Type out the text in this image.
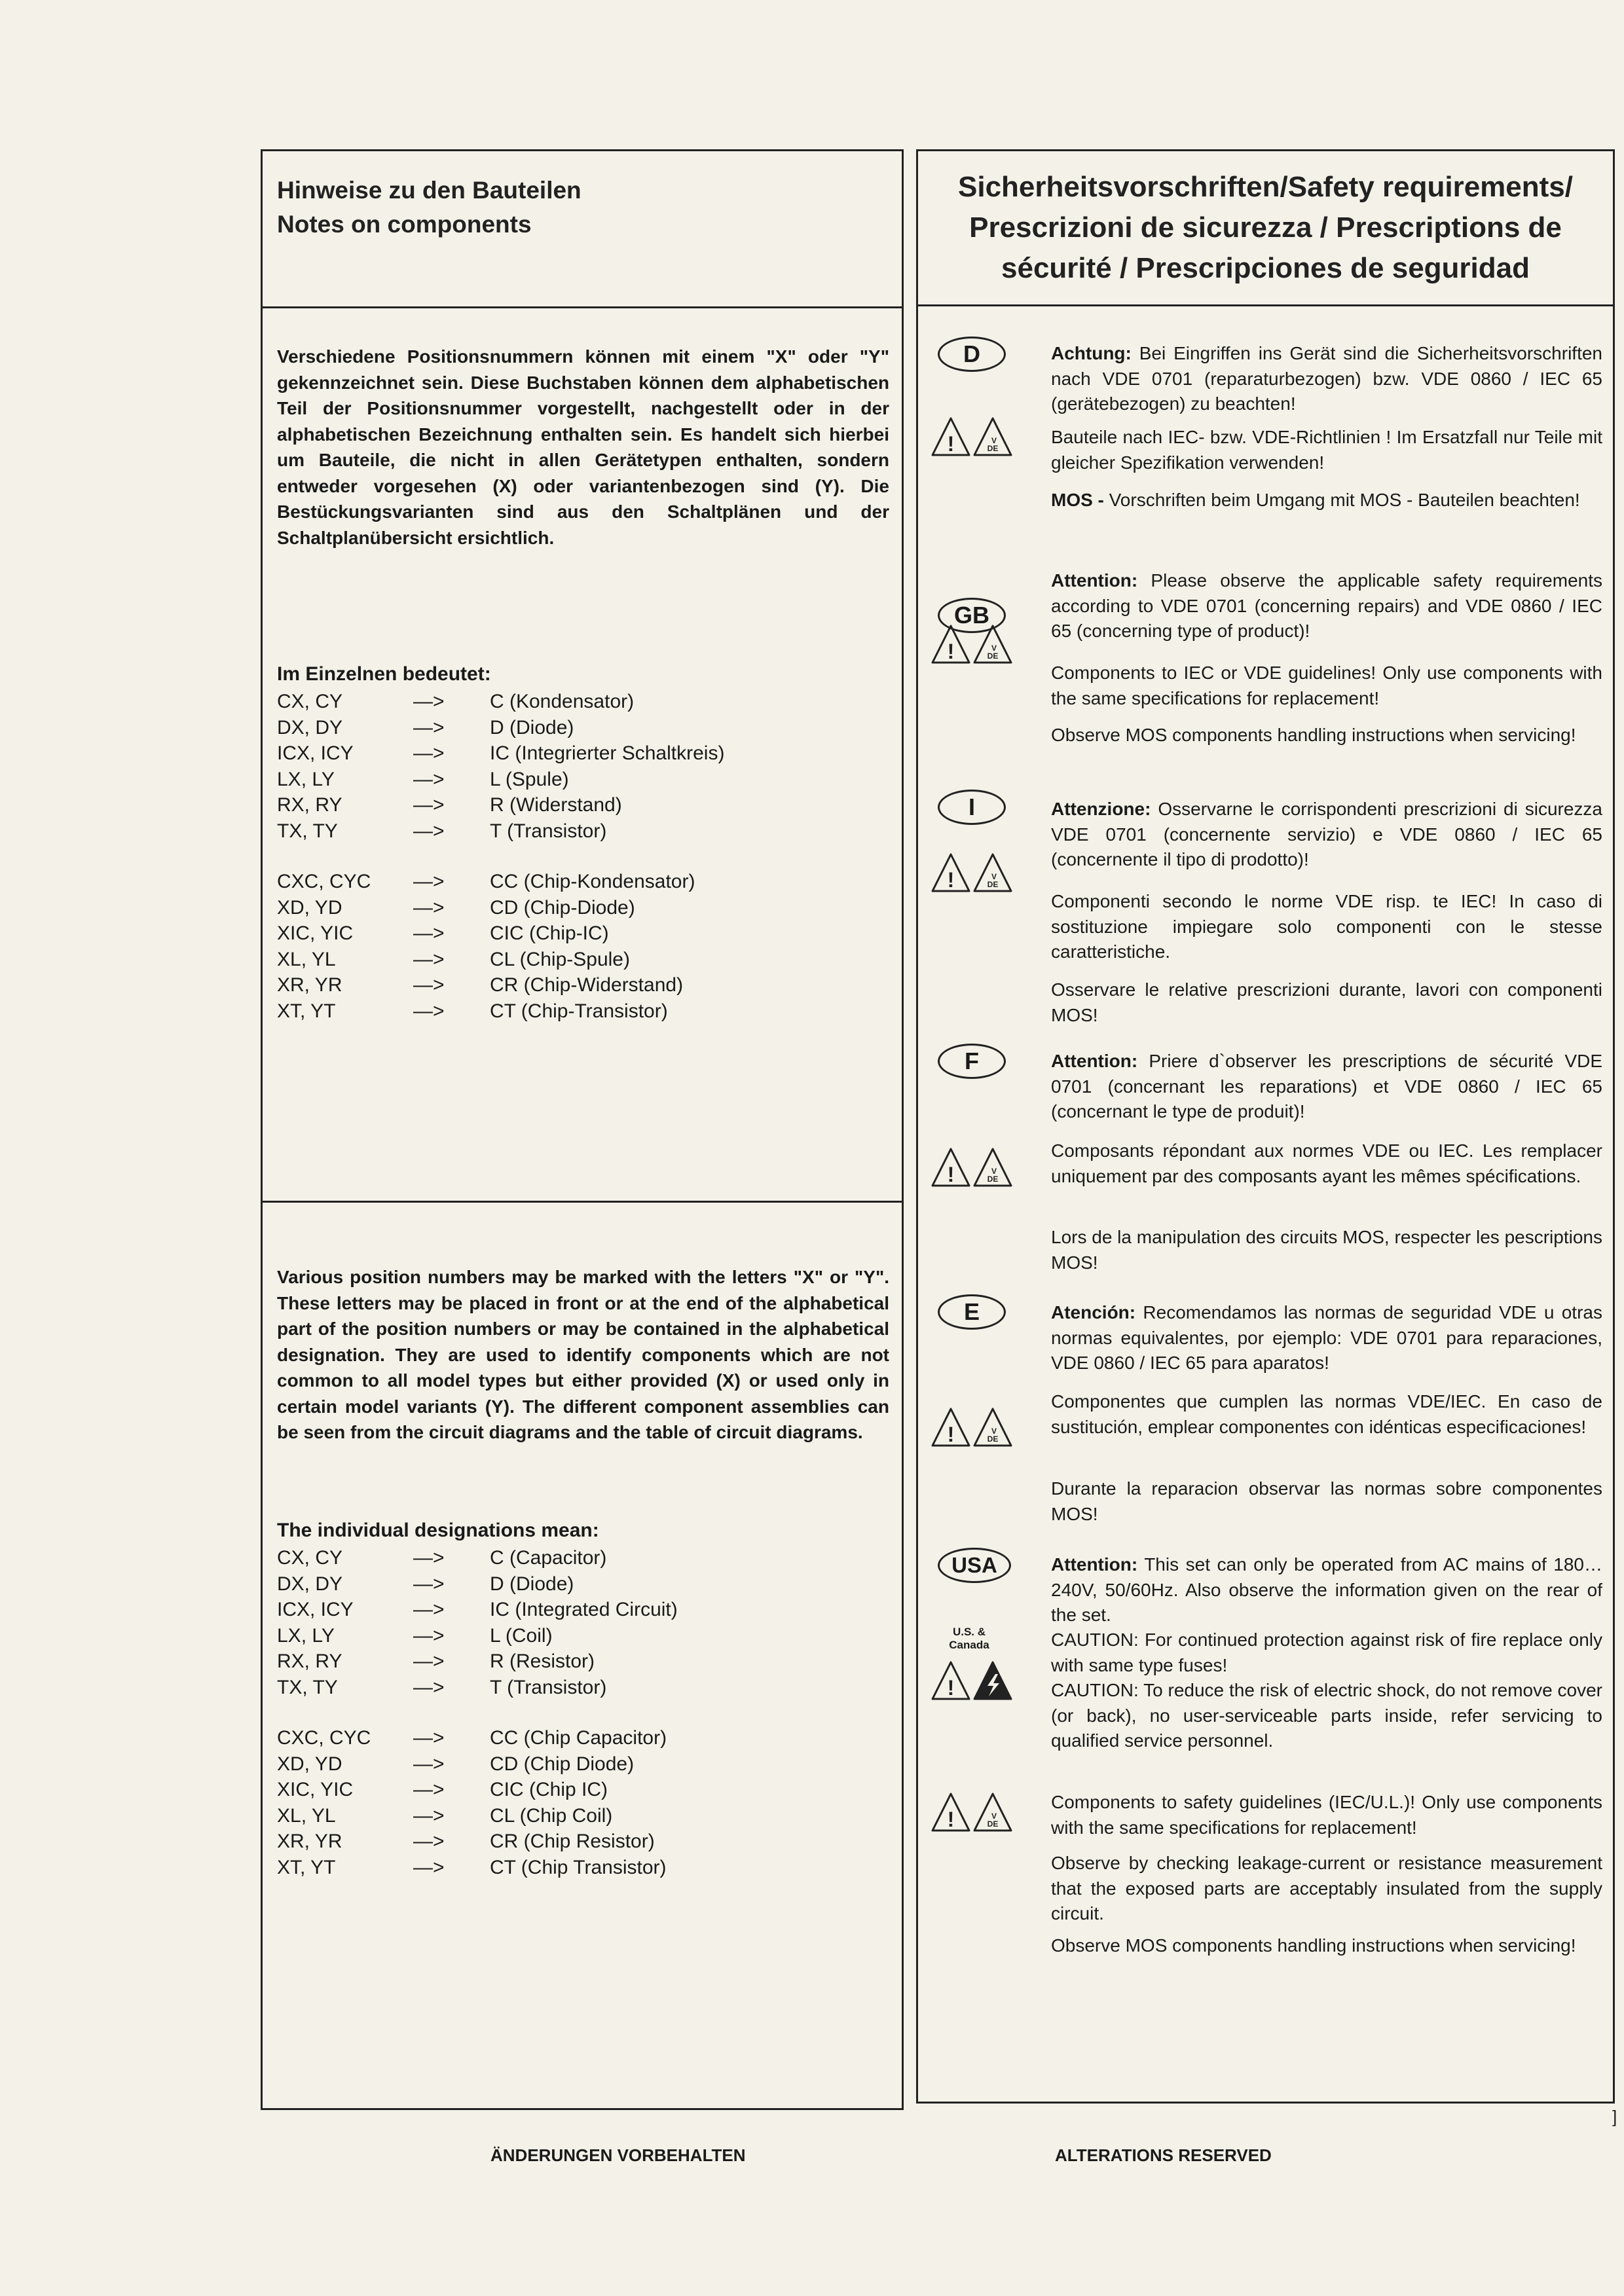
Hinweise zu den Bauteilen
Notes on components
Verschiedene Positionsnummern können mit einem "X" oder "Y" gekennzeichnet sein. Diese Buchstaben können dem alphabetischen Teil der Positionsnummer vorgestellt, nachgestellt oder in der alphabetischen Bezeichnung enthalten sein. Es handelt sich hierbei um Bauteile, die nicht in allen Gerätetypen enthalten, sondern entweder vorgesehen (X) oder variantenbezogen sind (Y). Die Bestückungsvarianten sind aus den Schaltplänen und der Schaltplanübersicht ersichtlich.
Im Einzelnen bedeutet:
CX, CY	—> C (Kondensator)
DX, DY	—> D (Diode)
ICX, ICY	—> IC (Integrierter Schaltkreis)
LX, LY	—> L (Spule)
RX, RY	—> R (Widerstand)
TX, TY	—> T (Transistor)
CXC, CYC —> CC (Chip-Kondensator)
XD, YD	—> CD (Chip-Diode)
XIC, YIC	—> CIC (Chip-IC)
XL, YL	—> CL (Chip-Spule)
XR, YR	—> CR (Chip-Widerstand)
XT, YT	—> CT (Chip-Transistor)
Various position numbers may be marked with the letters "X" or "Y". These letters may be placed in front or at the end of the alphabetical part of the position numbers or may be contained in the alphabetical designation. They are used to identify components which are not common to all model types but either provided (X) or used only in certain model variants (Y). The different component assemblies can be seen from the circuit diagrams and the table of circuit diagrams.
The individual designations mean:
CX, CY	—> C (Capacitor)
DX, DY	—> D (Diode)
ICX, ICY	—> IC (Integrated Circuit)
LX, LY	—> L (Coil)
RX, RY	—> R (Resistor)
TX, TY	—> T (Transistor)
CXC, CYC —> CC (Chip Capacitor)
XD, YD	—> CD (Chip Diode)
XIC, YIC	—> CIC (Chip IC)
XL, YL	—> CL (Chip Coil)
XR, YR	—> CR (Chip Resistor)
XT, YT	—> CT (Chip Transistor)
Sicherheitsvorschriften/Safety requirements/
Prescrizioni de sicurezza / Prescriptions de
sécurité / Prescripciones de seguridad
D
!	V
DE
Achtung: Bei Eingriffen ins Gerät sind die Sicherheitsvorschriften nach VDE 0701 (reparaturbezogen) bzw. VDE 0860 / IEC 65 (gerätebezogen) zu beachten!
Bauteile nach IEC- bzw. VDE-Richtlinien ! Im Ersatzfall nur Teile mit gleicher Spezifikation verwenden!
MOS - Vorschriften beim Umgang mit MOS - Bauteilen beachten!
GB
!	V
DE
Attention: Please observe the applicable safety requirements according to VDE 0701 (concerning repairs) and VDE 0860 / IEC 65 (concerning type of product)!
Components to IEC or VDE guidelines! Only use components with the same specifications for replacement!
Observe MOS components handling instructions when servicing!
I
!	V
DE
Attenzione: Osservarne le corrispondenti prescrizioni di sicurezza VDE 0701 (concernente servizio) e VDE 0860 / IEC 65 (concernente il tipo di prodotto)!
Componenti secondo le norme VDE risp. te IEC! In caso di sostituzione impiegare solo componenti con le stesse caratteristiche.
Osservare le relative prescrizioni durante, lavori con componenti MOS!
F
!	V
DE
Attention: Priere d`observer les prescriptions de sécurité VDE 0701 (concernant les reparations) et VDE 0860 / IEC 65 (concernant le type de produit)!
Composants répondant aux normes VDE ou IEC. Les remplacer uniquement par des composants ayant les mêmes spécifications.
Lors de la manipulation des circuits MOS, respecter les pescriptions MOS!
E
!	V
DE
Atención: Recomendamos las normas de seguridad VDE u otras normas equivalentes, por ejemplo: VDE 0701 para reparaciones, VDE 0860 / IEC 65 para aparatos!
Componentes que cumplen las normas VDE/IEC. En caso de sustitución, emplear componentes con idénticas especificaciones!
Durante la reparacion observar las normas sobre componentes MOS!
USA
U.S. &
Canada
!
Attention: This set can only be operated from AC mains of 180…240V, 50/60Hz. Also observe the information given on the rear of the set.
CAUTION: For continued protection against risk of fire replace only with same type fuses!
CAUTION: To reduce the risk of electric shock, do not remove cover (or back), no user-serviceable parts inside, refer servicing to qualified service personnel.
!	V
DE
Components to safety guidelines (IEC/U.L.)! Only use components with the same specifications for replacement!
Observe by checking leakage-current or resistance measurement that the exposed parts are acceptably insulated from the supply circuit.
Observe MOS components handling instructions when servicing!
ÄNDERUNGEN VORBEHALTEN	ALTERATIONS RESERVED
]
